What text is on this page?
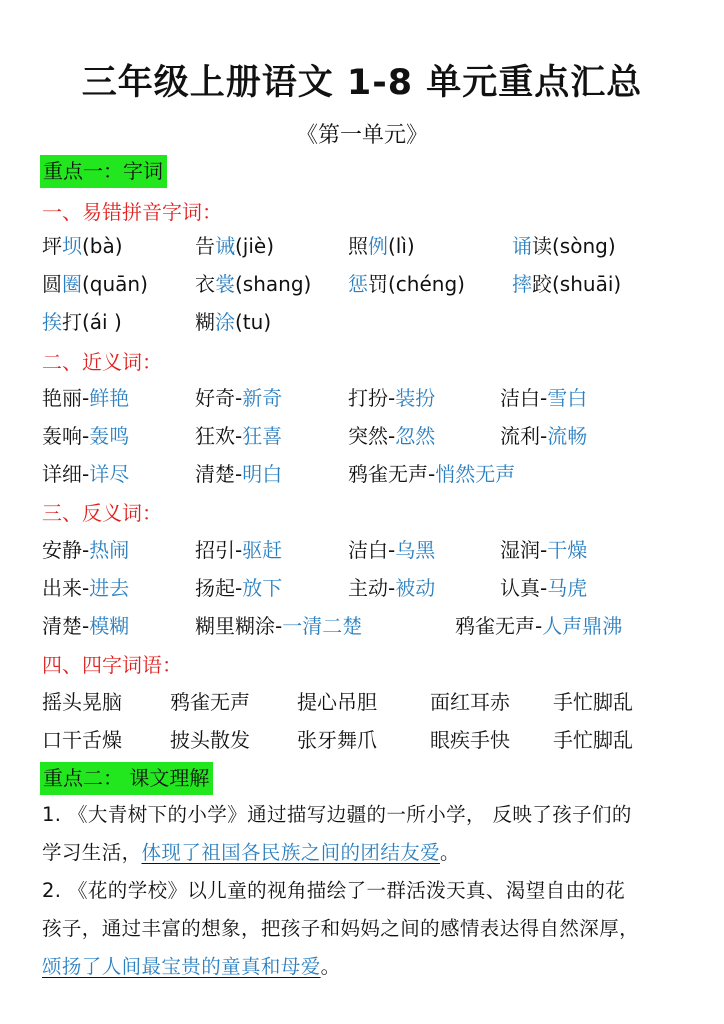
三年级上册语文 1-8 单元重点汇总
《第一单元》
重点一：字词
一、易错拼音字词：
坪坝(bà)	告诫(jiè)	照例(lì)	诵读(sòng)
圆圈(quān) 衣裳(shang) 惩罚(chéng) 摔跤(shuāi)
挨打(ái )	糊涂(tu)
二、近义词：
艳丽-鲜艳	好奇-新奇	打扮-装扮	洁白-雪白
轰响-轰鸣	狂欢-狂喜	突然-忽然	流利-流畅
详细-详尽	清楚-明白	鸦雀无声-悄然无声
三、反义词：
安静-热闹	招引-驱赶	洁白-乌黑	湿润-干燥
出来-进去	扬起-放下	主动-被动	认真-马虎
清楚-模糊	糊里糊涂-一清二楚	鸦雀无声-人声鼎沸
四、四字词语：
摇头晃脑 鸦雀无声 提心吊胆	面红耳赤 手忙脚乱
口干舌燥 披头散发 张牙舞爪	眼疾手快 手忙脚乱
重点二： 课文理解
1. 《大青树下的小学》通过描写边疆的一所小学， 反映了孩子们的
学习生活，体现了祖国各民族之间的团结友爱。
2. 《花的学校》以儿童的视角描绘了一群活泼天真、渴望自由的花
孩子，通过丰富的想象，把孩子和妈妈之间的感情表达得自然深厚，
颂扬了人间最宝贵的童真和母爱。
